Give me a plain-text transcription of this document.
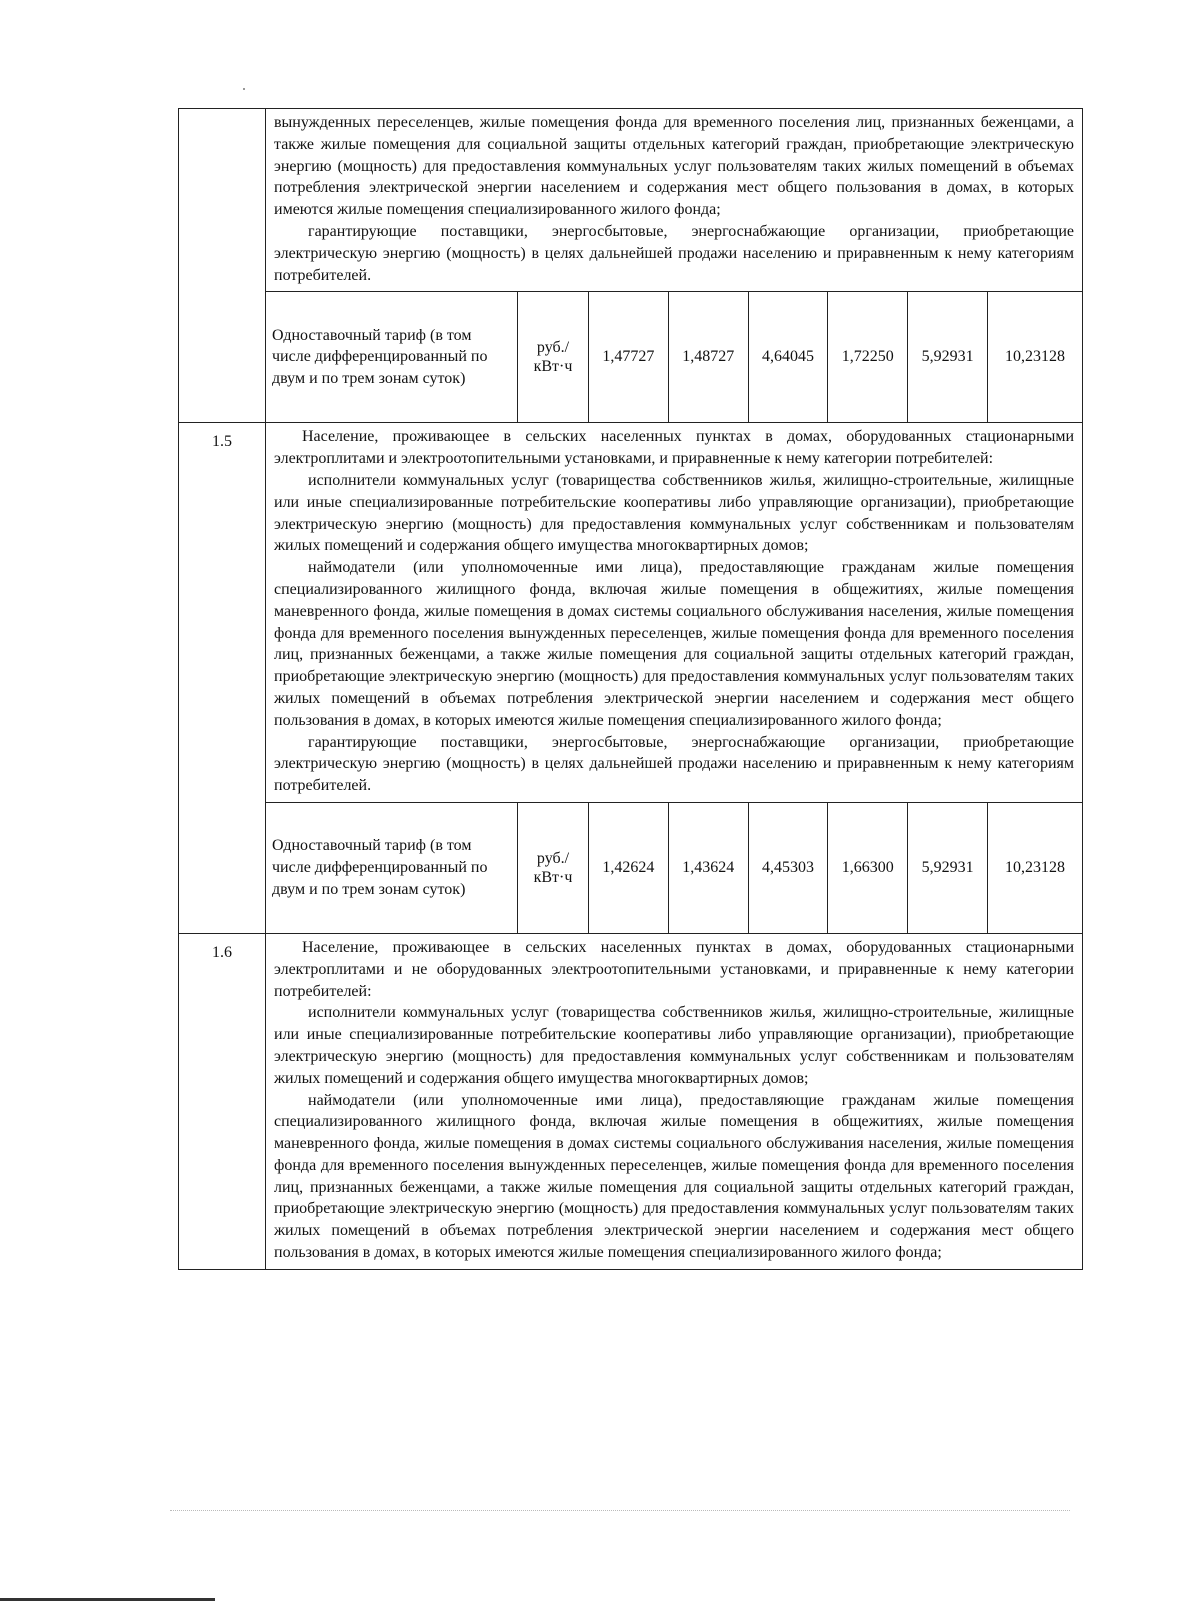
вынужденных переселенцев, жилые помещения фонда для временного поселения лиц, признанных беженцами, а также жилые помещения для социальной защиты отдельных категорий граждан, приобретающие электрическую энергию (мощность) для предоставления коммунальных услуг пользователям таких жилых помещений в объемах потребления электрической энергии населением и содержания мест общего пользования в домах, в которых имеются жилые помещения специализированного жилого фонда;

гарантирующие поставщики, энергосбытовые, энергоснабжающие организации, приобретающие электрическую энергию (мощность) в целях дальнейшей продажи населению и приравненным к нему категориям потребителей.

Одноставочный тариф (в том числе дифференцированный по двум и по трем зонам суток)	руб./ кВт·ч	1,47727	1,48727	4,64045	1,72250	5,92931	10,23128

1.5	Население, проживающее в сельских населенных пунктах в домах, оборудованных стационарными электроплитами и электроотопительными установками, и приравненные к нему категории потребителей:

исполнители коммунальных услуг (товарищества собственников жилья, жилищно-строительные, жилищные или иные специализированные потребительские кооперативы либо управляющие организации), приобретающие электрическую энергию (мощность) для предоставления коммунальных услуг собственникам и пользователям жилых помещений и содержания общего имущества многоквартирных домов;

наймодатели (или уполномоченные ими лица), предоставляющие гражданам жилые помещения специализированного жилищного фонда, включая жилые помещения в общежитиях, жилые помещения маневренного фонда, жилые помещения в домах системы социального обслуживания населения, жилые помещения фонда для временного поселения вынужденных переселенцев, жилые помещения фонда для временного поселения лиц, признанных беженцами, а также жилые помещения для социальной защиты отдельных категорий граждан, приобретающие электрическую энергию (мощность) для предоставления коммунальных услуг пользователям таких жилых помещений в объемах потребления электрической энергии населением и содержания мест общего пользования в домах, в которых имеются жилые помещения специализированного жилого фонда;

гарантирующие поставщики, энергосбытовые, энергоснабжающие организации, приобретающие электрическую энергию (мощность) в целях дальнейшей продажи населению и приравненным к нему категориям потребителей.

Одноставочный тариф (в том числе дифференцированный по двум и по трем зонам суток)	руб./ кВт·ч	1,42624	1,43624	4,45303	1,66300	5,92931	10,23128

1.6	Население, проживающее в сельских населенных пунктах в домах, оборудованных стационарными электроплитами и не оборудованных электроотопительными установками, и приравненные к нему категории потребителей:

исполнители коммунальных услуг (товарищества собственников жилья, жилищно-строительные, жилищные или иные специализированные потребительские кооперативы либо управляющие организации), приобретающие электрическую энергию (мощность) для предоставления коммунальных услуг собственникам и пользователям жилых помещений и содержания общего имущества многоквартирных домов;

наймодатели (или уполномоченные ими лица), предоставляющие гражданам жилые помещения специализированного жилищного фонда, включая жилые помещения в общежитиях, жилые помещения маневренного фонда, жилые помещения в домах системы социального обслуживания населения, жилые помещения фонда для временного поселения вынужденных переселенцев, жилые помещения фонда для временного поселения лиц, признанных беженцами, а также жилые помещения для социальной защиты отдельных категорий граждан, приобретающие электрическую энергию (мощность) для предоставления коммунальных услуг пользователям таких жилых помещений в объемах потребления электрической энергии населением и содержания мест общего пользования в домах, в которых имеются жилые помещения специализированного жилого фонда;
